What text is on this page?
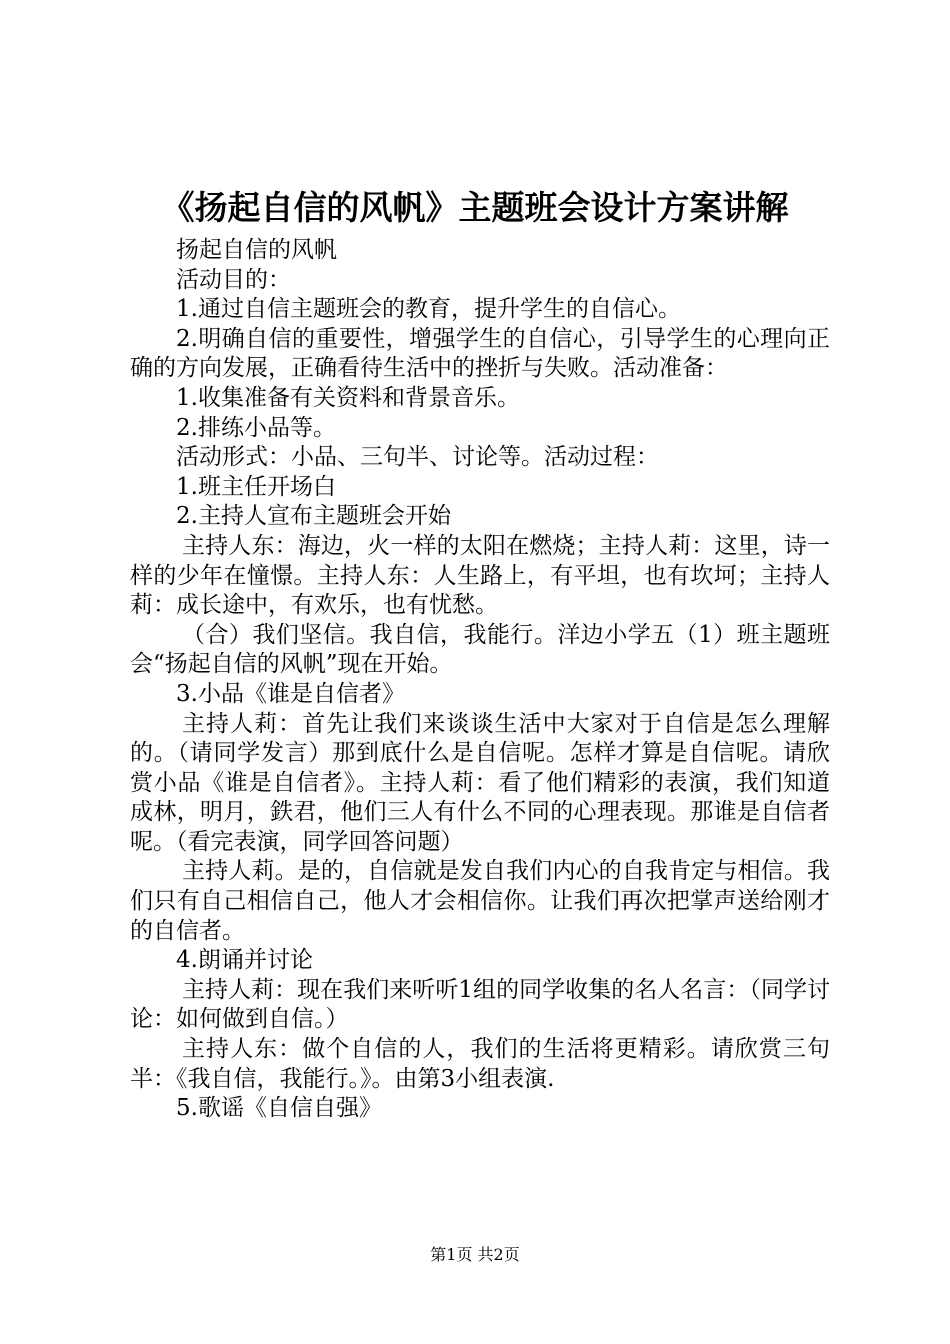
《扬起自信的风帆》主题班会设计方案讲解

扬起自信的风帆

活动目的：

1.通过自信主题班会的教育，提升学生的自信心。

2.明确自信的重要性，增强学生的自信心，引导学生的心理向正确的方向发展，正确看待生活中的挫折与失败。活动准备：

1.收集准备有关资料和背景音乐。

2.排练小品等。

活动形式：小品、三句半、讨论等。活动过程：

1.班主任开场白

2.主持人宣布主题班会开始

主持人东：海边，火一样的太阳在燃烧；主持人莉：这里，诗一样的少年在憧憬。主持人东：人生路上，有平坦，也有坎坷；主持人莉：成长途中，有欢乐，也有忧愁。

（合）我们坚信。我自信，我能行。洋边小学五（1）班主题班会“扬起自信的风帆”现在开始。

3.小品《谁是自信者》

主持人莉：首先让我们来谈谈生活中大家对于自信是怎么理解的。（请同学发言）那到底什么是自信呢。怎样才算是自信呢。请欣赏小品《谁是自信者》。主持人莉：看了他们精彩的表演，我们知道成林，明月，鉄君，他们三人有什么不同的心理表现。那谁是自信者呢。（看完表演，同学回答问题）

主持人莉。是的，自信就是发自我们内心的自我肯定与相信。我们只有自己相信自己，他人才会相信你。让我们再次把掌声送给刚才的自信者。

4.朗诵并讨论

主持人莉：现在我们来听听1组的同学收集的名人名言：（同学讨论：如何做到自信。）

主持人东：做个自信的人，我们的生活将更精彩。请欣赏三句半：《我自信，我能行。》。由第3小组表演.

5.歌谣《自信自强》

第1页 共2页
